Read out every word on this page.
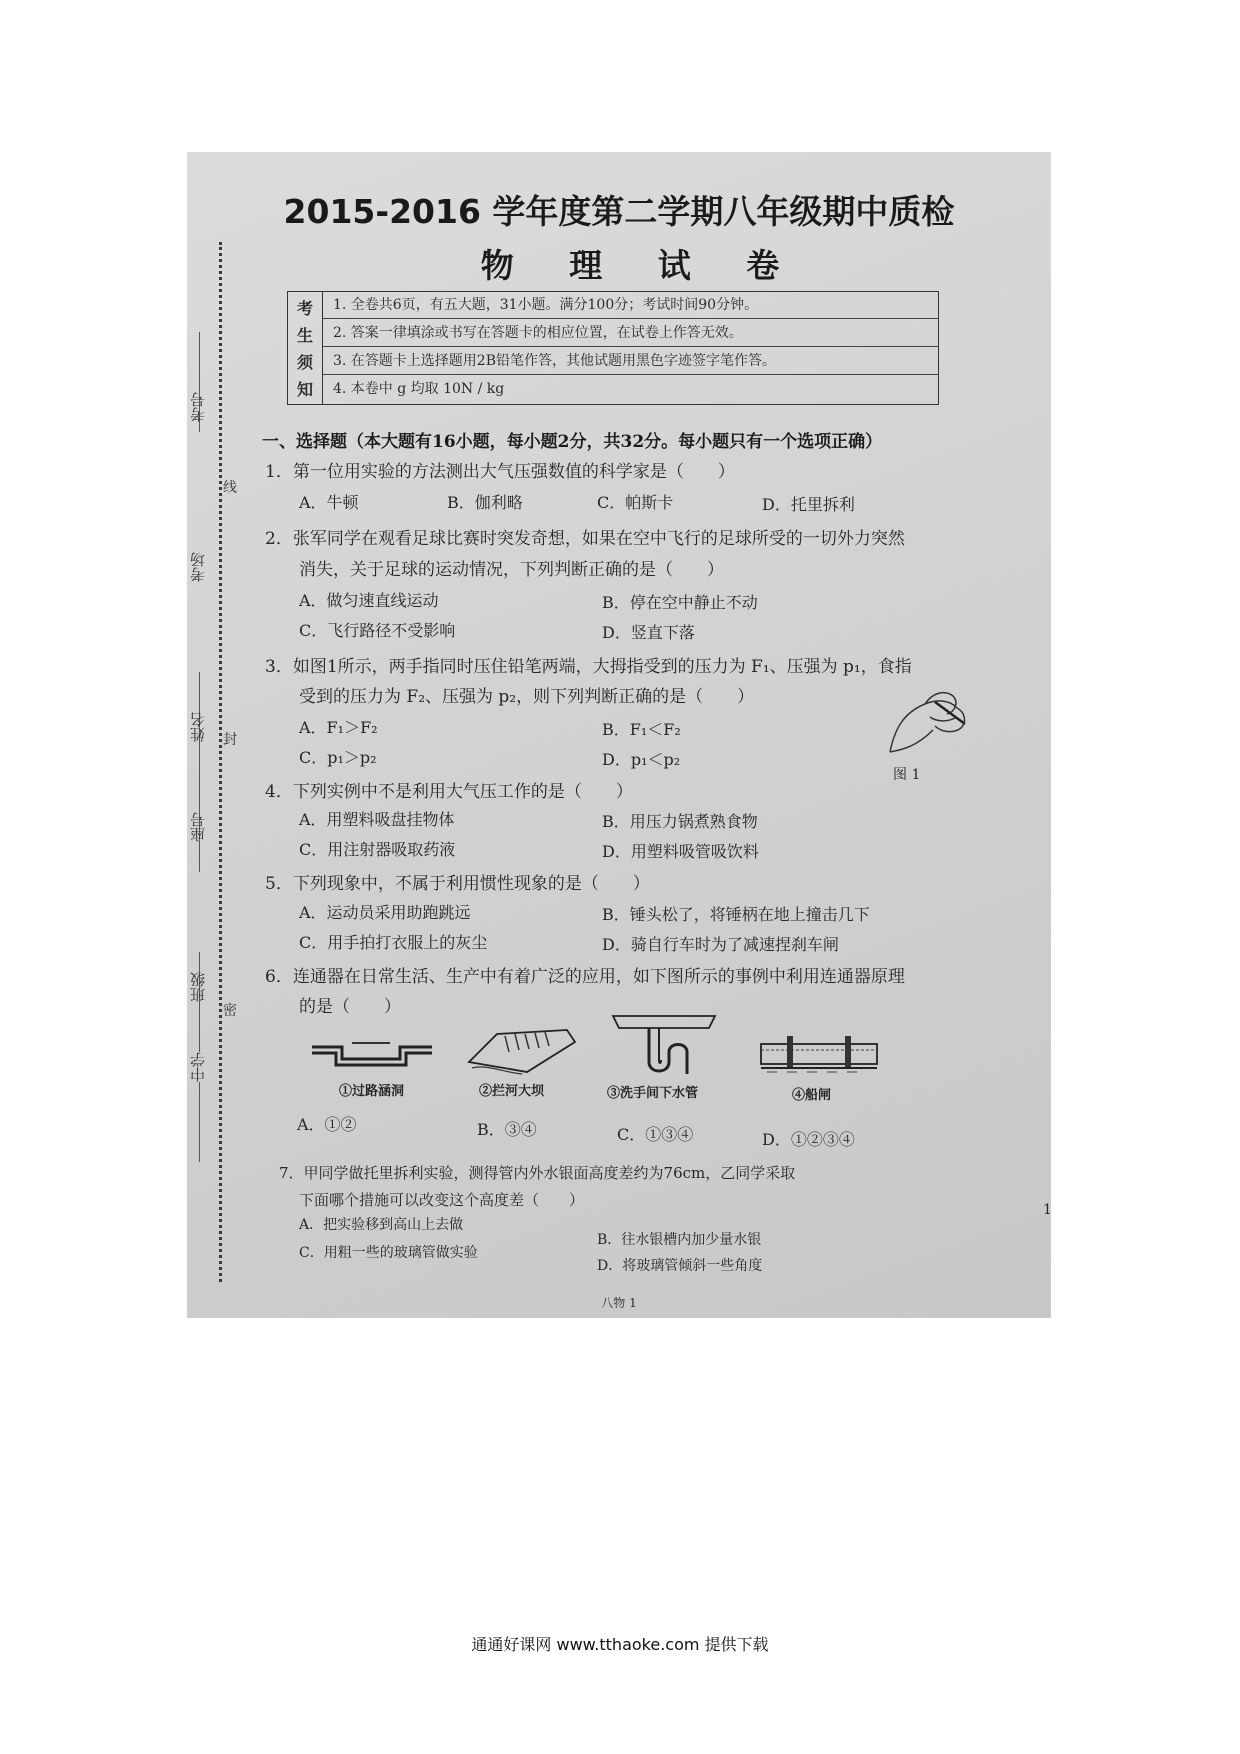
考号
考场
姓名
座号
班级
中学
线
封
密
2015-2016 学年度第二学期八年级期中质检
物 理 试 卷
考
生
须
知
1. 全卷共6页，有五大题，31小题。满分100分；考试时间90分钟。
2. 答案一律填涂或书写在答题卡的相应位置，在试卷上作答无效。
3. 在答题卡上选择题用2B铅笔作答，其他试题用黑色字迹签字笔作答。
4. 本卷中 g 均取 10N / kg
一、选择题（本大题有16小题，每小题2分，共32分。每小题只有一个选项正确）
1．第一位用实验的方法测出大气压强数值的科学家是（　　）
A．牛顿	B．伽利略	C．帕斯卡	D．托里拆利
2．张军同学在观看足球比赛时突发奇想，如果在空中飞行的足球所受的一切外力突然
消失，关于足球的运动情况，下列判断正确的是（　　）
A．做匀速直线运动	B．停在空中静止不动
C．飞行路径不受影响	D．竖直下落
3．如图1所示，两手指同时压住铅笔两端，大拇指受到的压力为 F₁、压强为 p₁，食指
受到的压力为 F₂、压强为 p₂，则下列判断正确的是（　　）
A．F₁＞F₂	B．F₁＜F₂
C．p₁＞p₂	D．p₁＜p₂
图 1
4．下列实例中不是利用大气压工作的是（　　）
A．用塑料吸盘挂物体	B．用压力锅煮熟食物
C．用注射器吸取药液	D．用塑料吸管吸饮料
5．下列现象中，不属于利用惯性现象的是（　　）
A．运动员采用助跑跳远	B．锤头松了，将锤柄在地上撞击几下
C．用手拍打衣服上的灰尘	D．骑自行车时为了减速捏刹车闸
6．连通器在日常生活、生产中有着广泛的应用，如下图所示的事例中利用连通器原理
的是（　　）
①过路涵洞	②拦河大坝	③洗手间下水管	④船闸
A．①②	B．③④	C．①③④	D．①②③④
7．甲同学做托里拆利实验，测得管内外水银面高度差约为76cm，乙同学采取
下面哪个措施可以改变这个高度差（　　）
A．把实验移到高山上去做
B．往水银槽内加少量水银
C．用粗一些的玻璃管做实验
D．将玻璃管倾斜一些角度
1
八物 1
通通好课网 www.tthaoke.com 提供下载
